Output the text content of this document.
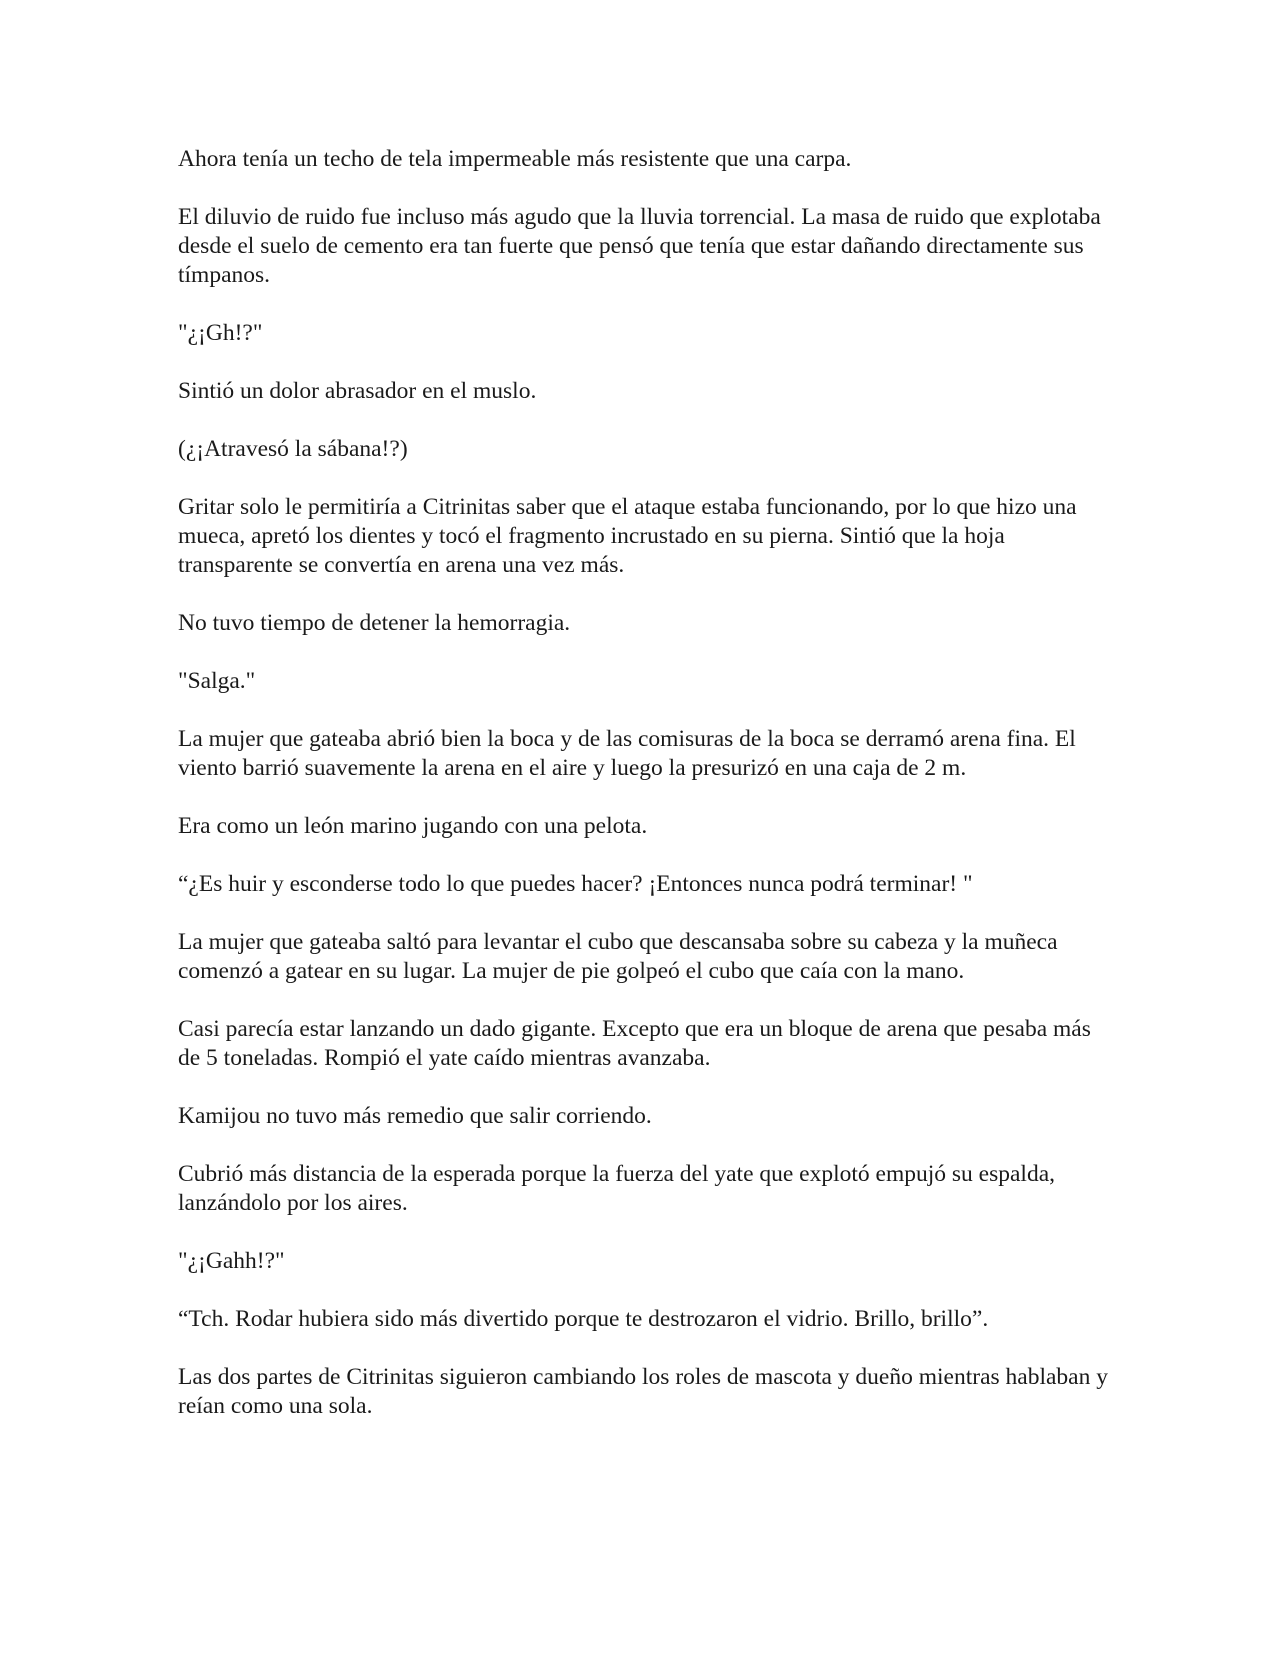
Ahora tenía un techo de tela impermeable más resistente que una carpa.

El diluvio de ruido fue incluso más agudo que la lluvia torrencial. La masa de ruido que explotaba desde el suelo de cemento era tan fuerte que pensó que tenía que estar dañando directamente sus tímpanos.

"¿¡Gh!?"

Sintió un dolor abrasador en el muslo.

(¿¡Atravesó la sábana!?)

Gritar solo le permitiría a Citrinitas saber que el ataque estaba funcionando, por lo que hizo una mueca, apretó los dientes y tocó el fragmento incrustado en su pierna. Sintió que la hoja transparente se convertía en arena una vez más.

No tuvo tiempo de detener la hemorragia.

"Salga."

La mujer que gateaba abrió bien la boca y de las comisuras de la boca se derramó arena fina. El viento barrió suavemente la arena en el aire y luego la presurizó en una caja de 2 m.

Era como un león marino jugando con una pelota.

“¿Es huir y esconderse todo lo que puedes hacer? ¡Entonces nunca podrá terminar! "

La mujer que gateaba saltó para levantar el cubo que descansaba sobre su cabeza y la muñeca comenzó a gatear en su lugar. La mujer de pie golpeó el cubo que caía con la mano.

Casi parecía estar lanzando un dado gigante. Excepto que era un bloque de arena que pesaba más de 5 toneladas. Rompió el yate caído mientras avanzaba.

Kamijou no tuvo más remedio que salir corriendo.

Cubrió más distancia de la esperada porque la fuerza del yate que explotó empujó su espalda, lanzándolo por los aires.

"¿¡Gahh!?"

“Tch. Rodar hubiera sido más divertido porque te destrozaron el vidrio. Brillo, brillo”.

Las dos partes de Citrinitas siguieron cambiando los roles de mascota y dueño mientras hablaban y reían como una sola.
